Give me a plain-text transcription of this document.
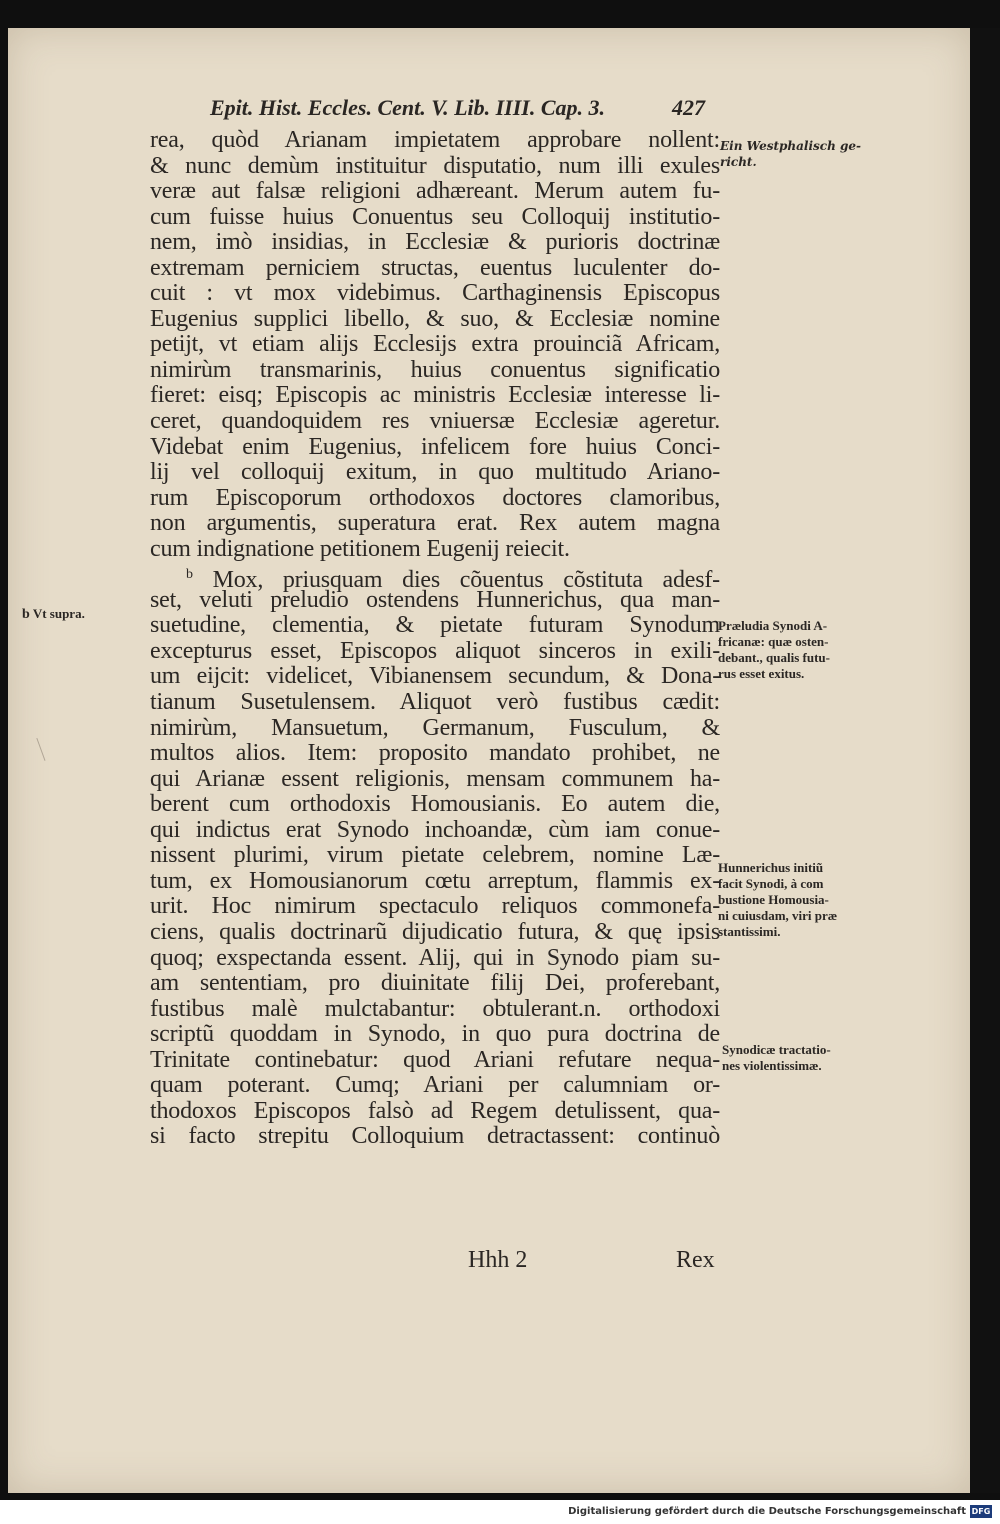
Epit. Hist. Eccles. Cent. V. Lib. IIII. Cap. 3.	427
rea, quòd Arianam impietatem approbare nollent:
& nunc demùm instituitur disputatio, num illi exules
veræ aut falsæ religioni adhæreant. Merum autem fu-
cum fuisse huius Conuentus seu Colloquij institutio-
nem, imò insidias, in Ecclesiæ & purioris doctrinæ
extremam perniciem structas, euentus luculenter do-
cuit : vt mox videbimus. Carthaginensis Episcopus
Eugenius supplici libello, & suo, & Ecclesiæ nomine
petijt, vt etiam alijs Ecclesijs extra prouinciã Africam,
nimirùm transmarinis, huius conuentus significatio
fieret: eisq; Episcopis ac ministris Ecclesiæ interesse li-
ceret, quandoquidem res vniuersæ Ecclesiæ ageretur.
Videbat enim Eugenius, infelicem fore huius Conci-
lij vel colloquij exitum, in quo multitudo Ariano-
rum Episcoporum orthodoxos doctores clamoribus,
non argumentis, superatura erat. Rex autem magna
cum indignatione petitionem Eugenij reiecit.
$^b$ Mox, priusquam dies cõuentus cõstituta adesf-
set, veluti preludio ostendens Hunnerichus, qua man-
suetudine, clementia, & pietate futuram Synodum
excepturus esset, Episcopos aliquot sinceros in exili-
um eijcit: videlicet, Vibianensem secundum, & Dona-
tianum Susetulensem. Aliquot verò fustibus cædit:
nimirùm, Mansuetum, Germanum, Fusculum, &
multos alios. Item: proposito mandato prohibet, ne
qui Arianæ essent religionis, mensam communem ha-
berent cum orthodoxis Homousianis. Eo autem die,
qui indictus erat Synodo inchoandæ, cùm iam conue-
nissent plurimi, virum pietate celebrem, nomine Læ-
tum, ex Homousianorum cœtu arreptum, flammis ex-
urit. Hoc nimirum spectaculo reliquos commonefa-
ciens, qualis doctrinarũ dijudicatio futura, & quę ipsis
quoq; exspectanda essent. Alij, qui in Synodo piam su-
am sententiam, pro diuinitate filij Dei, proferebant,
fustibus malè mulctabantur: obtulerant.n. orthodoxi
scriptũ quoddam in Synodo, in quo pura doctrina de
Trinitate continebatur: quod Ariani refutare nequa-
quam poterant. Cumq; Ariani per calumniam or-
thodoxos Episcopos falsò ad Regem detulissent, qua-
si facto strepitu Colloquium detractassent: continuò
Ein Westphalisch ge-
richt.
b Vt supra.
Præludia Synodi A-
fricanæ: quæ osten-
debant., qualis futu-
rus esset exitus.
Hunnerichus initiũ
facit Synodi, à com
bustione Homousia-
ni cuiusdam, viri præ
stantissimi.
Synodicæ tractatio-
nes violentissimæ.
Hhh 2	Rex
Digitalisierung gefördert durch die Deutsche Forschungsgemeinschaft DFG
